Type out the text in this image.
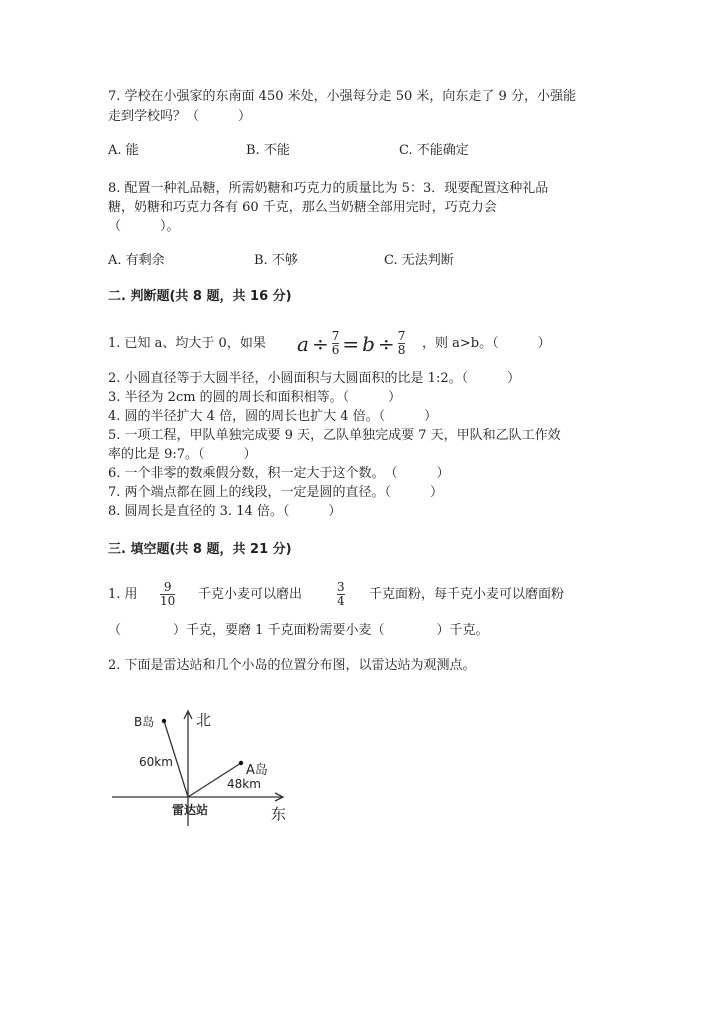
7. 学校在小强家的东南面 450 米处，小强每分走 50 米，向东走了 9 分，小强能
走到学校吗？（　　　）
A. 能	B. 不能	C. 不能确定
8. 配置一种礼品糖，所需奶糖和巧克力的质量比为 5：3．现要配置这种礼品
糖，奶糖和巧克力各有 60 千克，那么当奶糖全部用完时，巧克力会
（　　　）。
A. 有剩余	B. 不够	C. 无法判断
二. 判断题(共 8 题，共 16 分)
1. 已知 a、均大于 0，如果 $a \div \frac{7}{6} = b \div \frac{7}{8}$ ，则 a>b。（　　　）
2. 小圆直径等于大圆半径，小圆面积与大圆面积的比是 1:2。（　　　）
3. 半径为 2cm 的圆的周长和面积相等。（　　　）
4. 圆的半径扩大 4 倍，圆的周长也扩大 4 倍。（　　　）
5. 一项工程，甲队单独完成要 9 天，乙队单独完成要 7 天，甲队和乙队工作效
率的比是 9:7。（　　　）
6. 一个非零的数乘假分数，积一定大于这个数。　（　　　）
7. 两个端点都在圆上的线段，一定是圆的直径。（　　　）
8. 圆周长是直径的 3. 14 倍。（　　　）
三. 填空题(共 8 题，共 21 分)
1. 用 9
10 千克小麦可以磨出	3
4 千克面粉，每千克小麦可以磨面粉
（　　　　）千克，要磨 1 千克面粉需要小麦（　　　　）千克。
2. 下面是雷达站和几个小岛的位置分布图，以雷达站为观测点。
B岛	北
60km
A岛
48km
雷达站	东
